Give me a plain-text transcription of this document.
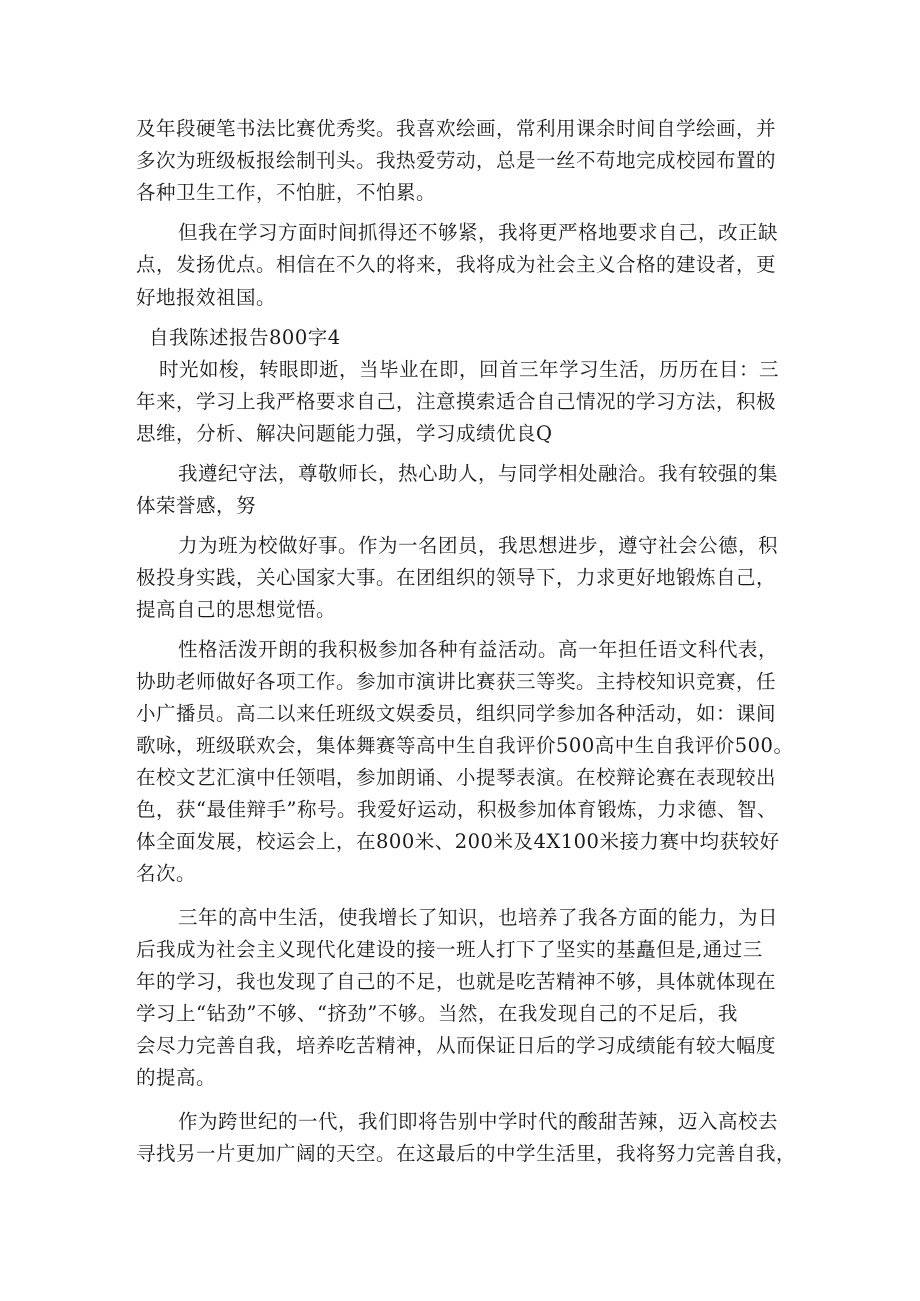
及年段硬笔书法比赛优秀奖。我喜欢绘画，常利用课余时间自学绘画，并
多次为班级板报绘制刊头。我热爱劳动，总是一丝不苟地完成校园布置的
各种卫生工作，不怕脏，不怕累。
但我在学习方面时间抓得还不够紧，我将更严格地要求自己，改正缺
点，发扬优点。相信在不久的将来，我将成为社会主义合格的建设者，更
好地报效祖国。
自我陈述报告800字4
时光如梭，转眼即逝，当毕业在即，回首三年学习生活，历历在目：三
年来，学习上我严格要求自己，注意摸索适合自己情况的学习方法，积极
思维，分析、解决问题能力强，学习成绩优良Q
我遵纪守法，尊敬师长，热心助人，与同学相处融洽。我有较强的集
体荣誉感，努
力为班为校做好事。作为一名团员，我思想进步，遵守社会公德，积
极投身实践，关心国家大事。在团组织的领导下，力求更好地锻炼自己，
提高自己的思想觉悟。
性格活泼开朗的我积极参加各种有益活动。高一年担任语文科代表，
协助老师做好各项工作。参加市演讲比赛获三等奖。主持校知识竞赛，任
小广播员。高二以来任班级文娱委员，组织同学参加各种活动，如：课间
歌咏，班级联欢会，集体舞赛等高中生自我评价500高中生自我评价500。
在校文艺汇演中任领唱，参加朗诵、小提琴表演。在校辩论赛在表现较出
色，获“最佳辩手”称号。我爱好运动，积极参加体育锻炼，力求德、智、
体全面发展，校运会上，在800米、200米及4X100米接力赛中均获较好
名次。
三年的高中生活，使我增长了知识，也培养了我各方面的能力，为日
后我成为社会主义现代化建设的接一班人打下了坚实的基矗但是,通过三
年的学习，我也发现了自己的不足，也就是吃苦精神不够，具体就体现在
学习上“钻劲”不够、“挤劲”不够。当然，在我发现自己的不足后，我
会尽力完善自我，培养吃苦精神，从而保证日后的学习成绩能有较大幅度
的提高。
作为跨世纪的一代，我们即将告别中学时代的酸甜苦辣，迈入高校去
寻找另一片更加广阔的天空。在这最后的中学生活里，我将努力完善自我，
